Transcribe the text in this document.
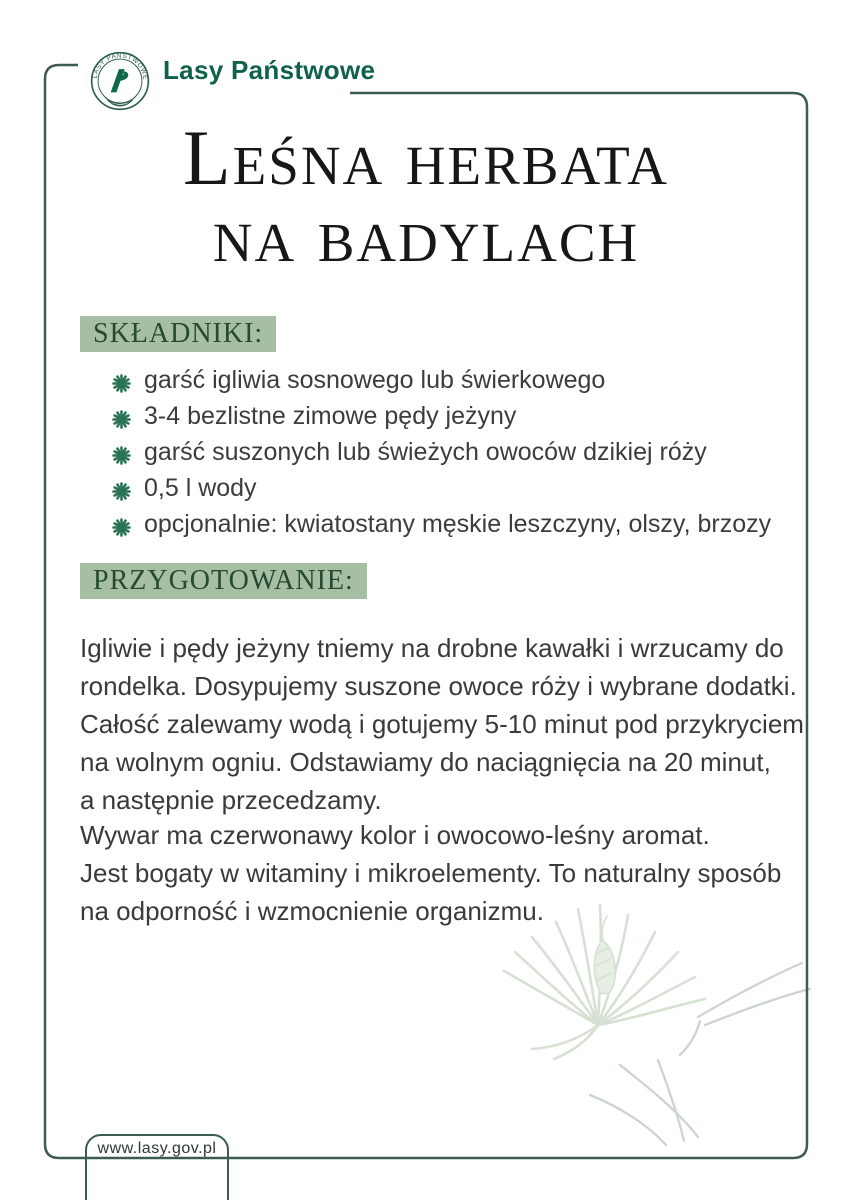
LASY PAŃSTWOWE Lasy Państwowe
Leśna herbata
na badylach
SKŁADNIKI:
garść igliwia sosnowego lub świerkowego
3-4 bezlistne zimowe pędy jeżyny
garść suszonych lub świeżych owoców dzikiej róży
0,5 l wody
opcjonalnie: kwiatostany męskie leszczyny, olszy, brzozy
PRZYGOTOWANIE:
Igliwie i pędy jeżyny tniemy na drobne kawałki i wrzucamy do
rondelka. Dosypujemy suszone owoce róży i wybrane dodatki.
Całość zalewamy wodą i gotujemy 5-10 minut pod przykryciem
na wolnym ogniu. Odstawiamy do naciągnięcia na 20 minut,
a następnie przecedzamy.
Wywar ma czerwonawy kolor i owocowo-leśny aromat.
Jest bogaty w witaminy i mikroelementy. To naturalny sposób
na odporność i wzmocnienie organizmu.
www.lasy.gov.pl
